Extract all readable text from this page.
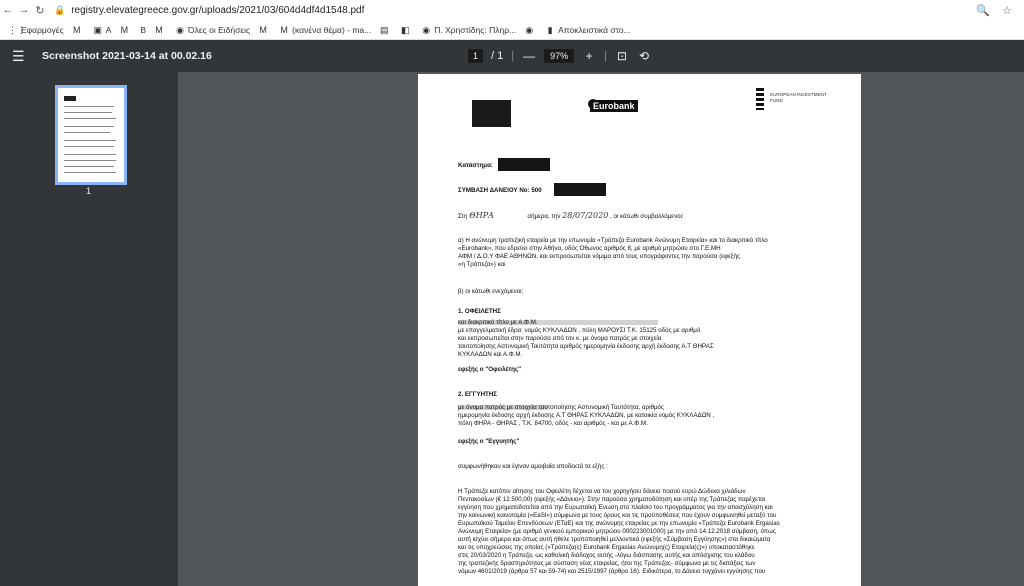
← → ↻	🔒 registry.elevategreece.gov.gr/uploads/2021/03/604d4df4d1548.pdf	🔍 ☆
⋮⋮
Εφαρμογές M ▣ A M B M ◉ Όλες οι Ειδήσεις M M (κανένα θέμα) - ma... ▤ ◧ ◉ Π. Χρηστίδης: Πληρ... ◉ ▮ Αποκλειστικά στο...
☰	Screenshot 2021-03-14 at 00.02.16	1	/ 1 | —	97%	+	| ⊡ ⟲
1
Eurobank
EUROPEAN INVESTMENT FUND
Κατάστημα:
ΣΥΜΒΑΣΗ ΔΑΝΕΙΟΥ Νο: 500
Στη ΘΗΡΑ	σήμερα, την 28/07/2020 , οι κάτωθι συμβαλλόμενοι:
α) Η ανώνυμη τραπεζική εταιρεία με την επωνυμία «Τράπεζα Eurobank Ανώνυμη Εταιρεία» και το διακριτικό τίτλο
«Eurobank», που εδρεύει στην Αθήνα, οδός Όθωνος αριθμός 8, με αριθμό μητρώου στο Γ.Ε.ΜΗ
ΑΦΜ / Δ.Ο.Υ ΦΑΕ ΑΘΗΝΩΝ, και εκπροσωπείται νόμιμα από τους υπογράφοντες την παρούσα (εφεξής
«η Τράπεζα») και
β) οι κάτωθι ενεχόμενοι:
1. ΟΦΕΙΛΕΤΗΣ
και διακριτικό τίτλο με Α.Φ.Μ.
με επαγγελματική έδρα: νομός ΚΥΚΛΑΔΩΝ , πόλη ΜΑΡΟΥΣΙ Τ.Κ. 15125 οδός με αριθμό
και εκπροσωπείται στην παρούσα από τον κ. με όνομα πατρός με στοιχεία
ταυτοποίησης Αστυνομική Ταυτότητα αριθμός ημερομηνία έκδοσης αρχή έκδοσης Α.Τ ΘΗΡΑΣ
ΚΥΚΛΑΔΩΝ και Α.Φ.Μ.
εφεξής ο "Οφειλέτης"
2. ΕΓΓΥΗΤΗΣ
με όνομα πατρός με στοιχεία ταυτοποίησης Αστυνομική Ταυτότητα, αριθμός
ημερομηνία έκδοσης αρχή έκδοσης Α.Τ ΘΗΡΑΣ ΚΥΚΛΑΔΩΝ, με κατοικία νομός ΚΥΚΛΑΔΩΝ ,
πόλη ΦΗΡΑ - ΘΗΡΑΣ , Τ.Κ. 84700, οδός - και αριθμός - και με Α.Φ.Μ.
εφεξής ο "Εγγυητής"
συμφωνήθηκαν και έγιναν αμοιβαία αποδεκτά τα εξής :
Η Τράπεζα κατόπιν αίτησης του Οφειλέτη δέχεται να του χορηγήσει δάνειο ποσού ευρώ Δώδεκα χιλιάδων
Πεντακοσίων (€ 12.500,00) (εφεξής «Δάνειο»). Στην παρούσα χρηματοδότηση και υπέρ της Τράπεζας παρέχεται
εγγύηση που χρηματοδοτείται από την Ευρωπαϊκή Ένωση στο πλαίσιο του προγράμματος για την απασχόληση και
την κοινωνική καινοτομία («EaSI») σύμφωνα με τους όρους και τις προϋποθέσεις που έχουν συμφωνηθεί μεταξύ του
Ευρωπαϊκού Ταμείου Επενδύσεων (ΕΤαΕ) και της ανώνυμης εταιρείας με την επωνυμία «Τράπεζα Eurobank Ergasias
Ανώνυμη Εταιρεία» (με αριθμό γενικού εμπορικού μητρώου 000223001000) με την από 14.12.2018 σύμβαση, όπως
αυτή ισχύει σήμερα και όπως αυτή ήθελε τροποποιηθεί μελλοντικά (εφεξής «Σύμβαση Εγγύησης») στα δικαιώματα
και τις υποχρεώσεις της οποίας («Τράπεζα(ς) Eurobank Ergasias Ανώνυμη(ς) Εταιρεία(ς)») υποκαταστάθηκε
στις 20/03/2020 η Τράπεζα, ως καθολική διάδοχος αυτής -λόγω διάσπασης αυτής και απόσχισης του κλάδου
της τραπεζικής δραστηριότητας με σύσταση νέας εταιρείας, ήτοι της Τράπεζας- σύμφωνα με τις διατάξεις των
νόμων 4601/2019 (άρθρα 57 και 59-74) και 2515/1997 (άρθρο 16). Ειδικότερα, το Δάνειο τυγχάνει εγγύησης που
